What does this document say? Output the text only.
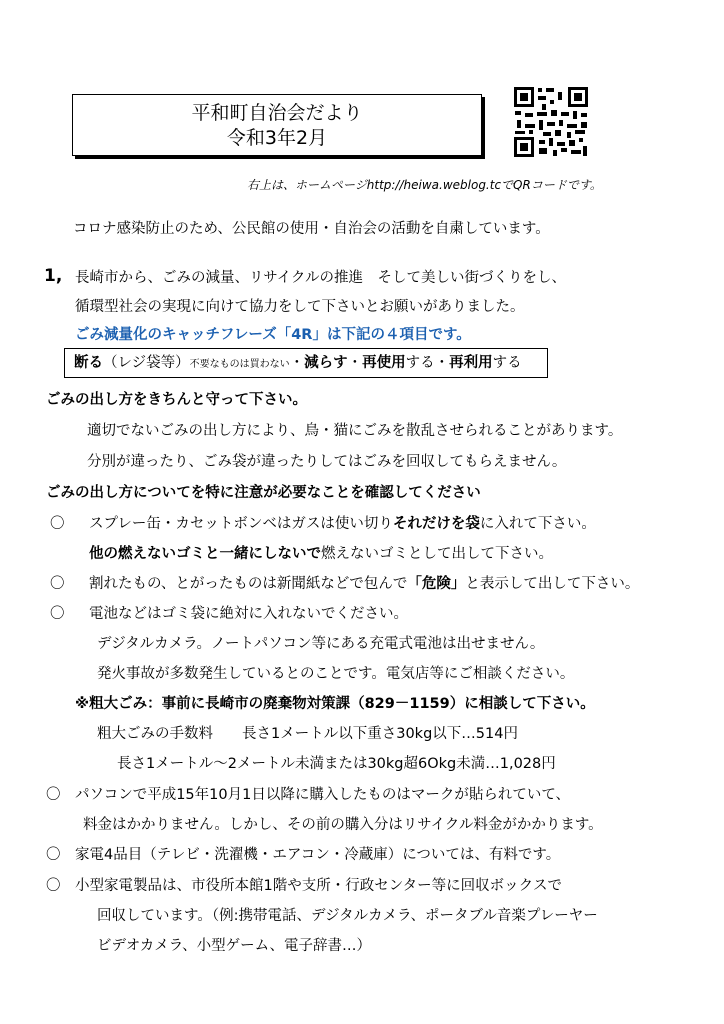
平和町自治会だより
令和3年2月
右上は、ホームページhttp://heiwa.weblog.tcでQRコードです。
コロナ感染防止のため、公民館の使用・自治会の活動を自粛しています。
1, 長崎市から、ごみの減量、リサイクルの推進　そして美しい街づくりをし、
循環型社会の実現に向けて協力をして下さいとお願いがありました。
ごみ減量化のキャッチフレーズ「4R」は下記の４項目です。
断る（レジ袋等）不要なものは買わない・減らす・再使用する・再利用する
ごみの出し方をきちんと守って下さい。
適切でないごみの出し方により、鳥・猫にごみを散乱させられることがあります。
分別が違ったり、ごみ袋が違ったりしてはごみを回収してもらえません。
ごみの出し方についてを特に注意が必要なことを確認してください
〇 スプレー缶・カセットボンベはガスは使い切りそれだけを袋に入れて下さい。
他の燃えないゴミと一緒にしないで燃えないゴミとして出して下さい。
〇 割れたもの、とがったものは新聞紙などで包んで「危険」と表示して出して下さい。
〇 電池などはゴミ袋に絶対に入れないでください。
デジタルカメラ。ノートパソコン等にある充電式電池は出せません。
発火事故が多数発生しているとのことです。電気店等にご相談ください。
※粗大ごみ：事前に長崎市の廃棄物対策課（829－1159）に相談して下さい。
粗大ごみの手数料　　長さ1メートル以下重さ30kg以下…514円
長さ1メートル～2メートル未満または30kg超6Okg未満…1,028円
〇 パソコンで平成15年10月1日以降に購入したものはマークが貼られていて、
料金はかかりません。しかし、その前の購入分はリサイクル料金がかかります。
〇 家電4品目（テレビ・洗濯機・エアコン・冷蔵庫）については、有料です。
〇 小型家電製品は、市役所本館1階や支所・行政センター等に回収ボックスで
回収しています。（例:携帯電話、デジタルカメラ、ポータブル音楽プレーヤー
ビデオカメラ、小型ゲーム、電子辞書…）
